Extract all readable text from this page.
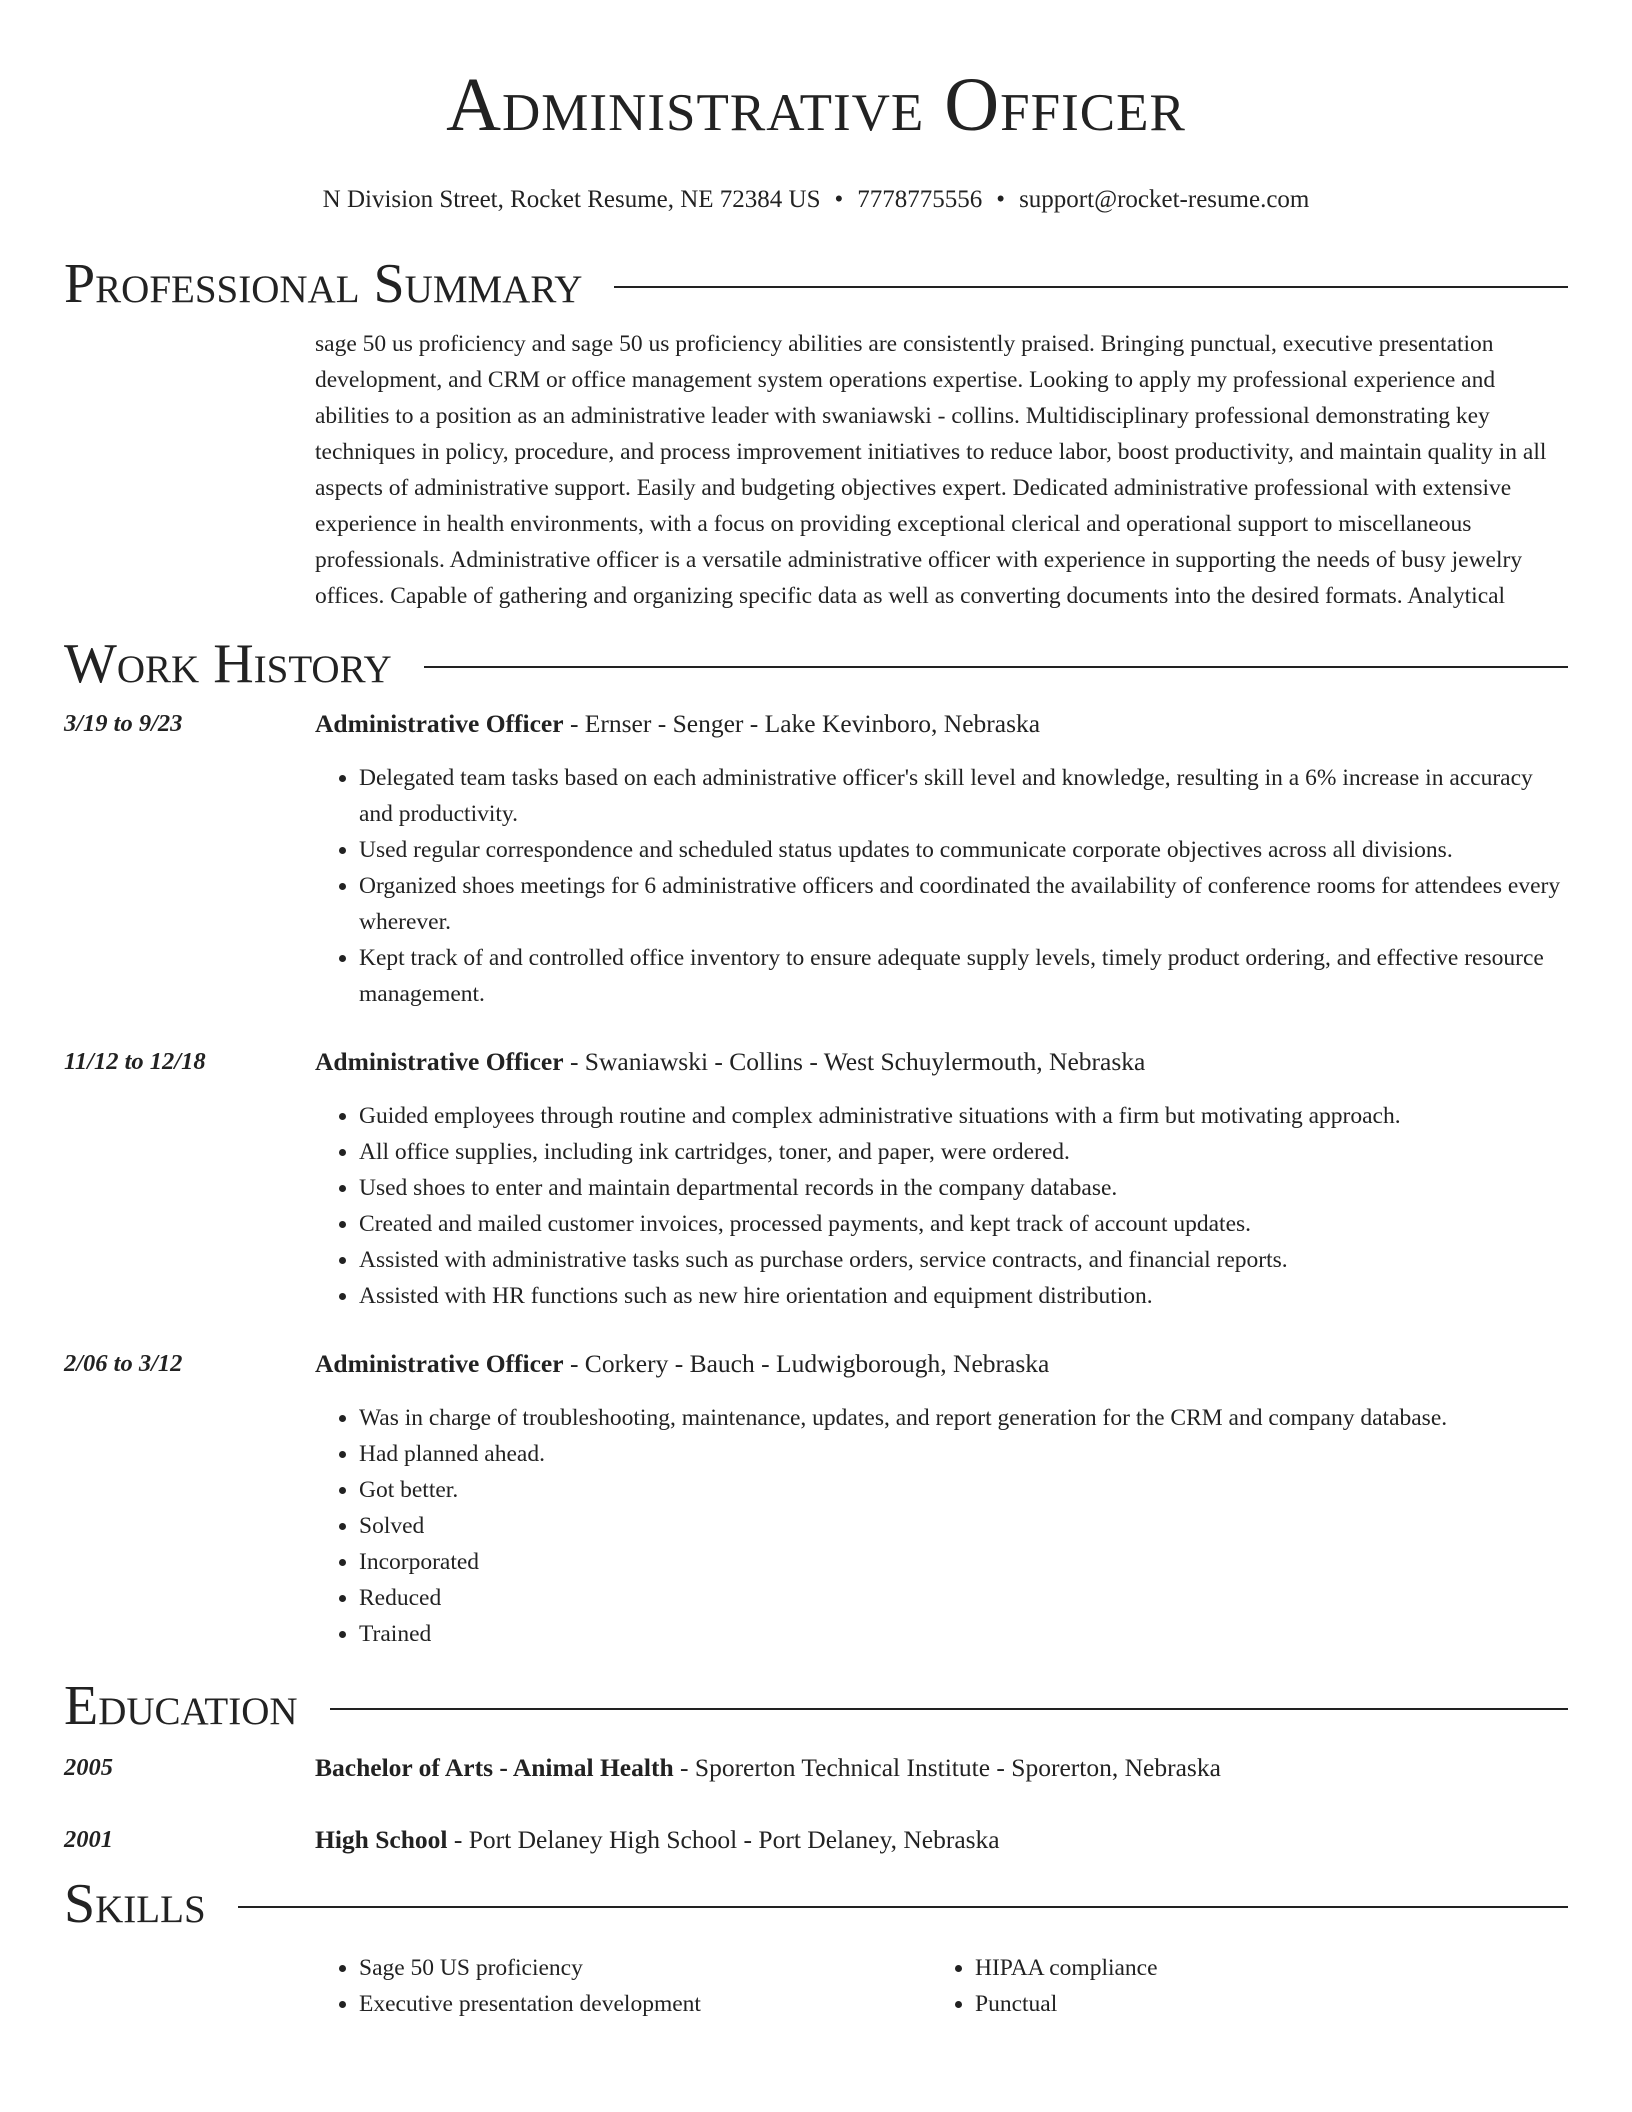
Administrative Officer
N Division Street, Rocket Resume, NE 72384 US • 7778775556 • support@rocket-resume.com
Professional Summary
sage 50 us proficiency and sage 50 us proficiency abilities are consistently praised. Bringing punctual, executive presentation development, and CRM or office management system operations expertise. Looking to apply my professional experience and abilities to a position as an administrative leader with swaniawski - collins. Multidisciplinary professional demonstrating key techniques in policy, procedure, and process improvement initiatives to reduce labor, boost productivity, and maintain quality in all aspects of administrative support. Easily and budgeting objectives expert. Dedicated administrative professional with extensive experience in health environments, with a focus on providing exceptional clerical and operational support to miscellaneous professionals. Administrative officer is a versatile administrative officer with experience in supporting the needs of busy jewelry offices. Capable of gathering and organizing specific data as well as converting documents into the desired formats. Analytical
Work History
3/19 to 9/23	Administrative Officer - Ernser - Senger - Lake Kevinboro, Nebraska
• Delegated team tasks based on each administrative officer's skill level and knowledge, resulting in a 6% increase in accuracy and productivity.
• Used regular correspondence and scheduled status updates to communicate corporate objectives across all divisions.
• Organized shoes meetings for 6 administrative officers and coordinated the availability of conference rooms for attendees every wherever.
• Kept track of and controlled office inventory to ensure adequate supply levels, timely product ordering, and effective resource management.
11/12 to 12/18	Administrative Officer - Swaniawski - Collins - West Schuylermouth, Nebraska
• Guided employees through routine and complex administrative situations with a firm but motivating approach.
• All office supplies, including ink cartridges, toner, and paper, were ordered.
• Used shoes to enter and maintain departmental records in the company database.
• Created and mailed customer invoices, processed payments, and kept track of account updates.
• Assisted with administrative tasks such as purchase orders, service contracts, and financial reports.
• Assisted with HR functions such as new hire orientation and equipment distribution.
2/06 to 3/12	Administrative Officer - Corkery - Bauch - Ludwigborough, Nebraska
• Was in charge of troubleshooting, maintenance, updates, and report generation for the CRM and company database.
• Had planned ahead.
• Got better.
• Solved
• Incorporated
• Reduced
• Trained
Education
2005	Bachelor of Arts - Animal Health - Sporerton Technical Institute - Sporerton, Nebraska
2001	High School - Port Delaney High School - Port Delaney, Nebraska
Skills
• Sage 50 US proficiency
• Executive presentation development
• HIPAA compliance
• Punctual
